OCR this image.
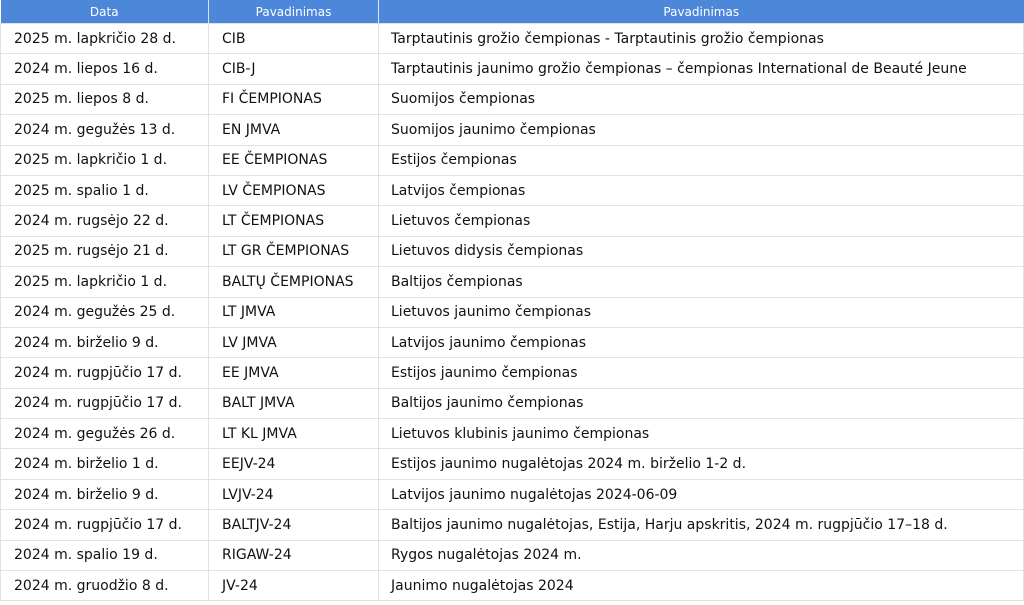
Data	Pavadinimas	Pavadinimas
2025 m. lapkričio 28 d.	CIB	Tarptautinis grožio čempionas - Tarptautinis grožio čempionas
2024 m. liepos 16 d.	CIB-J	Tarptautinis jaunimo grožio čempionas – čempionas International de Beauté Jeune
2025 m. liepos 8 d.	FI ČEMPIONAS	Suomijos čempionas
2024 m. gegužės 13 d.	EN JMVA	Suomijos jaunimo čempionas
2025 m. lapkričio 1 d.	EE ČEMPIONAS	Estijos čempionas
2025 m. spalio 1 d.	LV ČEMPIONAS	Latvijos čempionas
2024 m. rugsėjo 22 d.	LT ČEMPIONAS	Lietuvos čempionas
2025 m. rugsėjo 21 d.	LT GR ČEMPIONAS	Lietuvos didysis čempionas
2025 m. lapkričio 1 d.	BALTŲ ČEMPIONAS	Baltijos čempionas
2024 m. gegužės 25 d.	LT JMVA	Lietuvos jaunimo čempionas
2024 m. birželio 9 d.	LV JMVA	Latvijos jaunimo čempionas
2024 m. rugpjūčio 17 d.	EE JMVA	Estijos jaunimo čempionas
2024 m. rugpjūčio 17 d.	BALT JMVA	Baltijos jaunimo čempionas
2024 m. gegužės 26 d.	LT KL JMVA	Lietuvos klubinis jaunimo čempionas
2024 m. birželio 1 d.	EEJV-24	Estijos jaunimo nugalėtojas 2024 m. birželio 1-2 d.
2024 m. birželio 9 d.	LVJV-24	Latvijos jaunimo nugalėtojas 2024-06-09
2024 m. rugpjūčio 17 d.	BALTJV-24	Baltijos jaunimo nugalėtojas, Estija, Harju apskritis, 2024 m. rugpjūčio 17–18 d.
2024 m. spalio 19 d.	RIGAW-24	Rygos nugalėtojas 2024 m.
2024 m. gruodžio 8 d.	JV-24	Jaunimo nugalėtojas 2024
